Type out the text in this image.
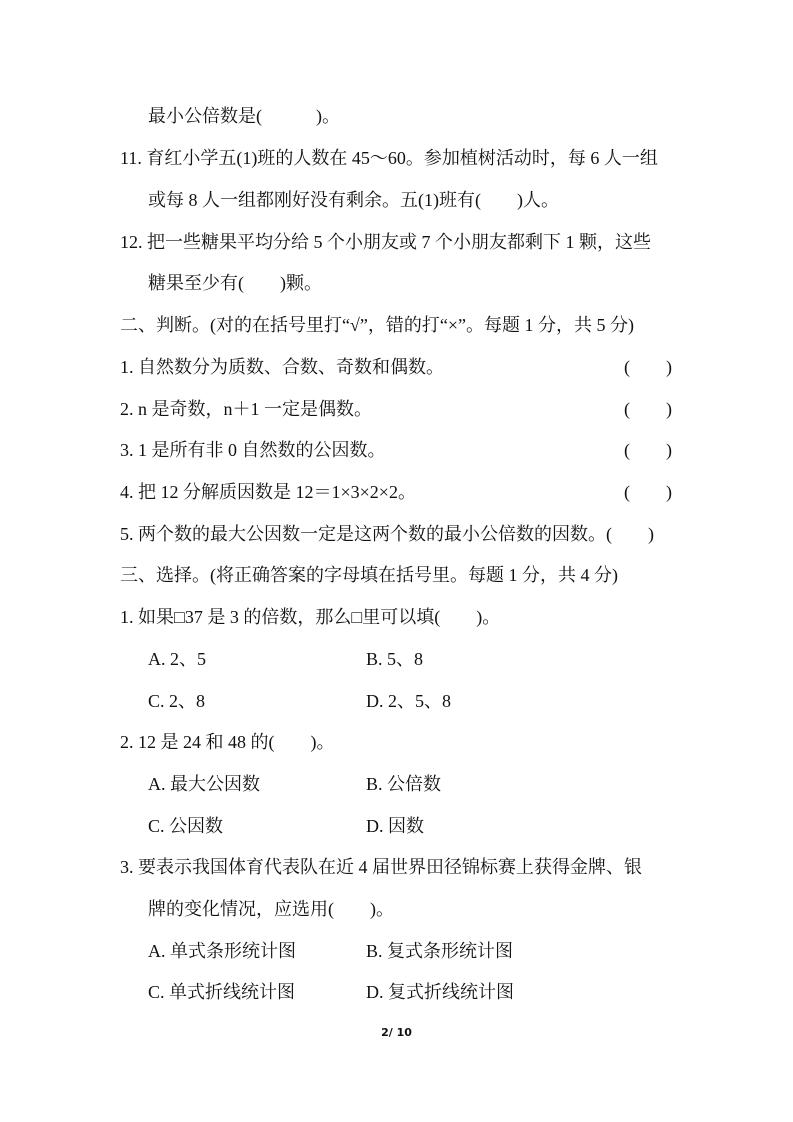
最小公倍数是(　　　)。
11. 育红小学五(1)班的人数在 45～60。参加植树活动时，每 6 人一组
或每 8 人一组都刚好没有剩余。五(1)班有(　　)人。
12. 把一些糖果平均分给 5 个小朋友或 7 个小朋友都剩下 1 颗，这些
糖果至少有(　　)颗。
二、判断。(对的在括号里打“√”，错的打“×”。每题 1 分，共 5 分)
1. 自然数分为质数、合数、奇数和偶数。	(　　)
2. n 是奇数，n＋1 一定是偶数。	(　　)
3. 1 是所有非 0 自然数的公因数。	(　　)
4. 把 12 分解质因数是 12＝1×3×2×2。	(　　)
5. 两个数的最大公因数一定是这两个数的最小公倍数的因数。(　　)
三、选择。(将正确答案的字母填在括号里。每题 1 分，共 4 分)
1. 如果□37 是 3 的倍数，那么□里可以填(　　)。
A. 2、5	B. 5、8
C. 2、8	D. 2、5、8
2. 12 是 24 和 48 的(　　)。
A. 最大公因数	B. 公倍数
C. 公因数	D. 因数
3. 要表示我国体育代表队在近 4 届世界田径锦标赛上获得金牌、银
牌的变化情况，应选用(　　)。
A. 单式条形统计图	B. 复式条形统计图
C. 单式折线统计图	D. 复式折线统计图
2/ 10
